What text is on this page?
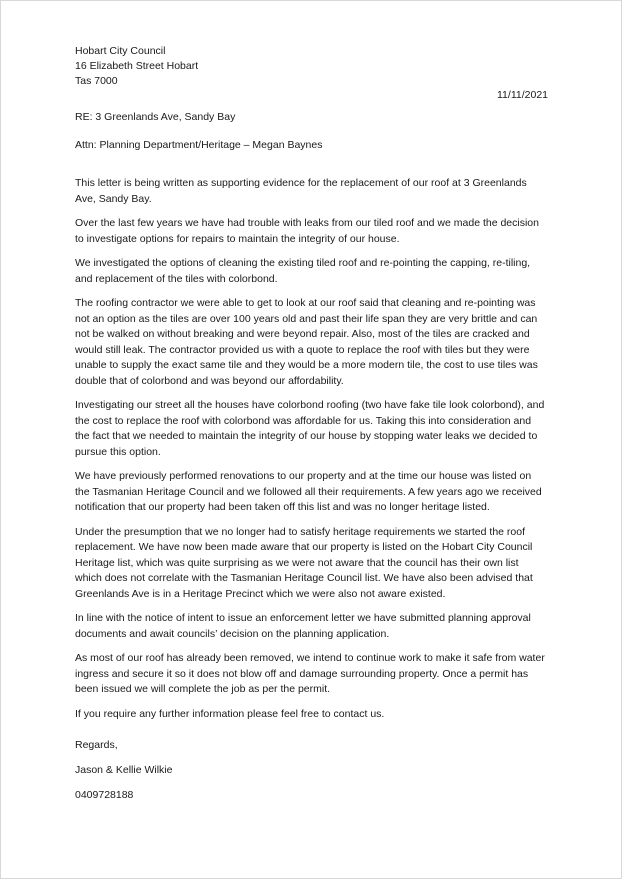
Hobart City Council
16 Elizabeth Street Hobart
Tas 7000
11/11/2021
RE: 3 Greenlands Ave, Sandy Bay
Attn: Planning Department/Heritage – Megan Baynes

This letter is being written as supporting evidence for the replacement of our roof at 3 Greenlands Ave, Sandy Bay.

Over the last few years we have had trouble with leaks from our tiled roof and we made the decision to investigate options for repairs to maintain the integrity of our house.

We investigated the options of cleaning the existing tiled roof and re-pointing the capping, re-tiling, and replacement of the tiles with colorbond.

The roofing contractor we were able to get to look at our roof said that cleaning and re-pointing was not an option as the tiles are over 100 years old and past their life span they are very brittle and can not be walked on without breaking and were beyond repair. Also, most of the tiles are cracked and would still leak. The contractor provided us with a quote to replace the roof with tiles but they were unable to supply the exact same tile and they would be a more modern tile, the cost to use tiles was double that of colorbond and was beyond our affordability.

Investigating our street all the houses have colorbond roofing (two have fake tile look colorbond), and the cost to replace the roof with colorbond was affordable for us. Taking this into consideration and the fact that we needed to maintain the integrity of our house by stopping water leaks we decided to pursue this option.

We have previously performed renovations to our property and at the time our house was listed on the Tasmanian Heritage Council and we followed all their requirements. A few years ago we received notification that our property had been taken off this list and was no longer heritage listed.

Under the presumption that we no longer had to satisfy heritage requirements we started the roof replacement. We have now been made aware that our property is listed on the Hobart City Council Heritage list, which was quite surprising as we were not aware that the council has their own list which does not correlate with the Tasmanian Heritage Council list. We have also been advised that Greenlands Ave is in a Heritage Precinct which we were also not aware existed.

In line with the notice of intent to issue an enforcement letter we have submitted planning approval documents and await councils’ decision on the planning application.

As most of our roof has already been removed, we intend to continue work to make it safe from water ingress and secure it so it does not blow off and damage surrounding property. Once a permit has been issued we will complete the job as per the permit.

If you require any further information please feel free to contact us.

Regards,
Jason & Kellie Wilkie
0409728188
